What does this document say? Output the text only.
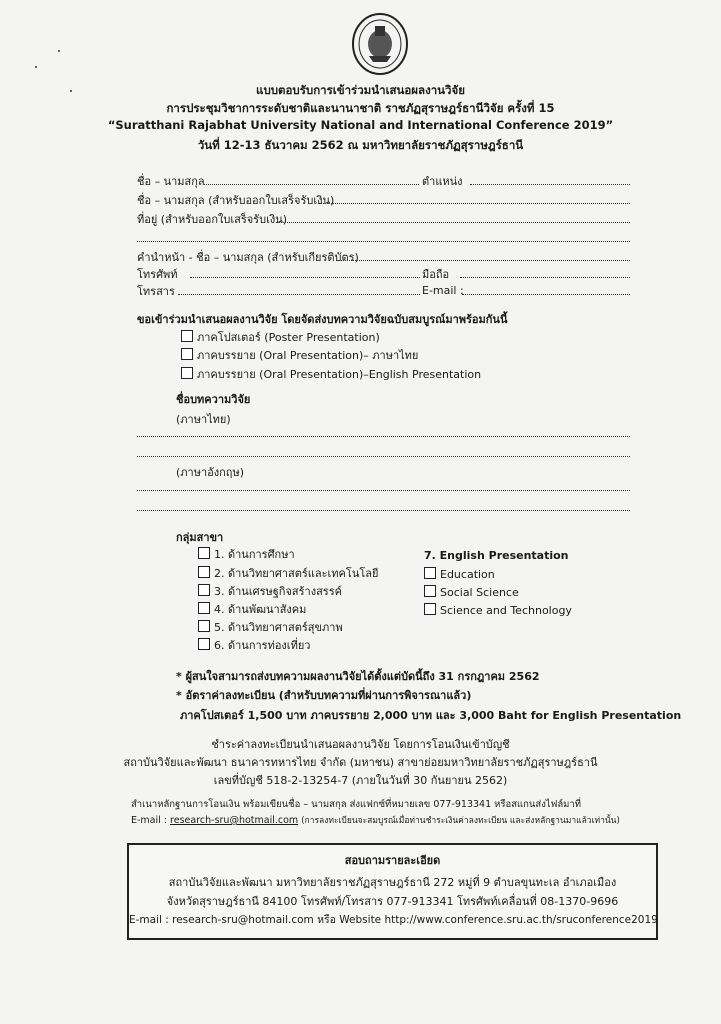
แบบตอบรับการเข้าร่วมนำเสนอผลงานวิจัย
การประชุมวิชาการระดับชาติและนานาชาติ ราชภัฏสุราษฎร์ธานีวิจัย ครั้งที่ 15
“Suratthani Rajabhat University National and International Conference 2019”
วันที่ 12-13 ธันวาคม 2562 ณ มหาวิทยาลัยราชภัฏสุราษฎร์ธานี
ชื่อ – นามสกุล	ตำแหน่ง
ชื่อ – นามสกุล (สำหรับออกใบเสร็จรับเงิน)
ที่อยู่ (สำหรับออกใบเสร็จรับเงิน)
คำนำหน้า - ชื่อ – นามสกุล (สำหรับเกียรติบัตร)
โทรศัพท์	มือถือ
โทรสาร	E-mail :
ขอเข้าร่วมนำเสนอผลงานวิจัย โดยจัดส่งบทความวิจัยฉบับสมบูรณ์มาพร้อมกันนี้
ภาคโปสเตอร์ (Poster Presentation)
ภาคบรรยาย (Oral Presentation)– ภาษาไทย
ภาคบรรยาย (Oral Presentation)–English Presentation
ชื่อบทความวิจัย
(ภาษาไทย)
(ภาษาอังกฤษ)
กลุ่มสาขา
1. ด้านการศึกษา
2. ด้านวิทยาศาสตร์และเทคโนโลยี
3. ด้านเศรษฐกิจสร้างสรรค์
4. ด้านพัฒนาสังคม
5. ด้านวิทยาศาสตร์สุขภาพ
6. ด้านการท่องเที่ยว
7. English Presentation
Education
Social Science
Science and Technology
* ผู้สนใจสามารถส่งบทความผลงานวิจัยได้ตั้งแต่บัดนี้ถึง 31 กรกฎาคม 2562
* อัตราค่าลงทะเบียน (สำหรับบทความที่ผ่านการพิจารณาแล้ว)
ภาคโปสเตอร์ 1,500 บาท ภาคบรรยาย 2,000 บาท และ 3,000 Baht for English Presentation
ชำระค่าลงทะเบียนนำเสนอผลงานวิจัย โดยการโอนเงินเข้าบัญชี
สถาบันวิจัยและพัฒนา ธนาคารทหารไทย จำกัด (มหาชน) สาขาย่อยมหาวิทยาลัยราชภัฏสุราษฎร์ธานี
เลขที่บัญชี 518-2-13254-7 (ภายในวันที่ 30 กันยายน 2562)
สำเนาหลักฐานการโอนเงิน พร้อมเขียนชื่อ – นามสกุล ส่งแฟกซ์ที่หมายเลข 077-913341 หรือสแกนส่งไฟล์มาที่
E-mail : research-sru@hotmail.com (การลงทะเบียนจะสมบูรณ์เมื่อท่านชำระเงินค่าลงทะเบียน และส่งหลักฐานมาแล้วเท่านั้น)
สอบถามรายละเอียด
สถาบันวิจัยและพัฒนา มหาวิทยาลัยราชภัฏสุราษฎร์ธานี 272 หมู่ที่ 9 ตำบลขุนทะเล อำเภอเมือง
จังหวัดสุราษฎร์ธานี 84100 โทรศัพท์/โทรสาร 077-913341 โทรศัพท์เคลื่อนที่ 08-1370-9696
E-mail : research-sru@hotmail.com หรือ Website http://www.conference.sru.ac.th/sruconference2019
